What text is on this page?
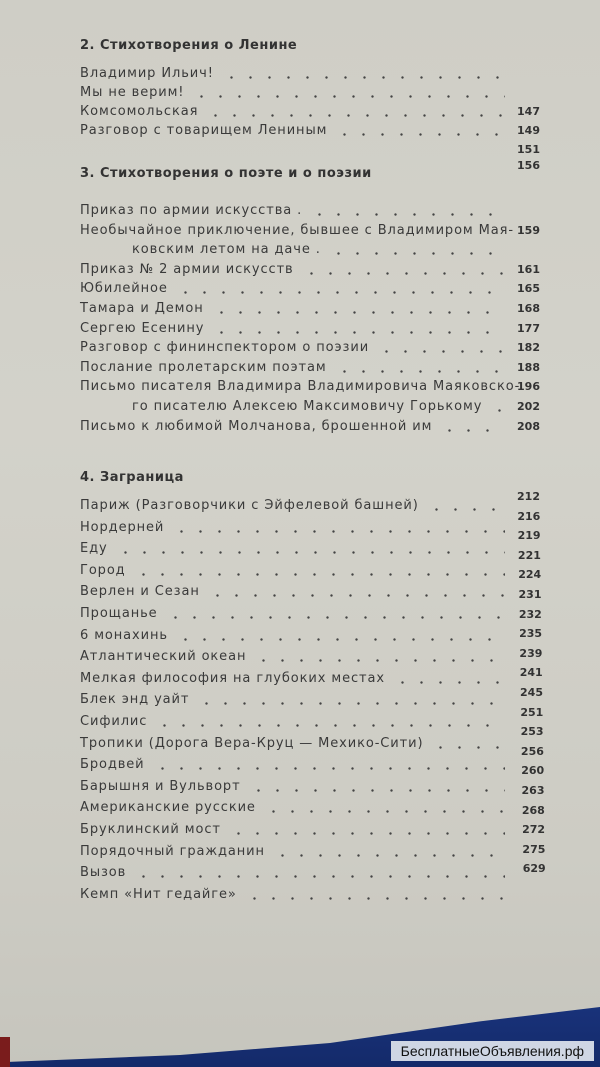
2. Стихотворения о Ленине
Владимир Ильич!
Мы не верим!
Комсомольская
Разговор с товарищем Лениным
147
149
151
156
3. Стихотворения о поэте и о поэзии
Приказ по армии искусства .
Необычайное приключение, бывшее с Владимиром Мая-
ковским летом на даче .
Приказ № 2 армии искусств
Юбилейное
Тамара и Демон
Сергею Есенину
Разговор с фининспектором о поэзии
Послание пролетарским поэтам
Письмо писателя Владимира Владимировича Маяковско-
го писателю Алексею Максимовичу Горькому
Письмо к любимой Молчанова, брошенной им
159
161
165
168
177
182
188
196
202
208
4. Заграница
Париж (Разговорчики с Эйфелевой башней)
Нордерней
Еду
Город
Верлен и Сезан
Прощанье
6 монахинь
Атлантический океан
Мелкая философия на глубоких местах
Блек энд уайт
Сифилис
Тропики (Дорога Вера-Круц — Мехико-Сити)
Бродвей
Барышня и Вульворт
Американские русские
Бруклинский мост
Порядочный гражданин
Вызов
Кемп «Нит гедайге»
212
216
219
221
224
231
232
235
239
241
245
251
253
256
260
263
268
272
275
629
БесплатныеОбъявления.рф
